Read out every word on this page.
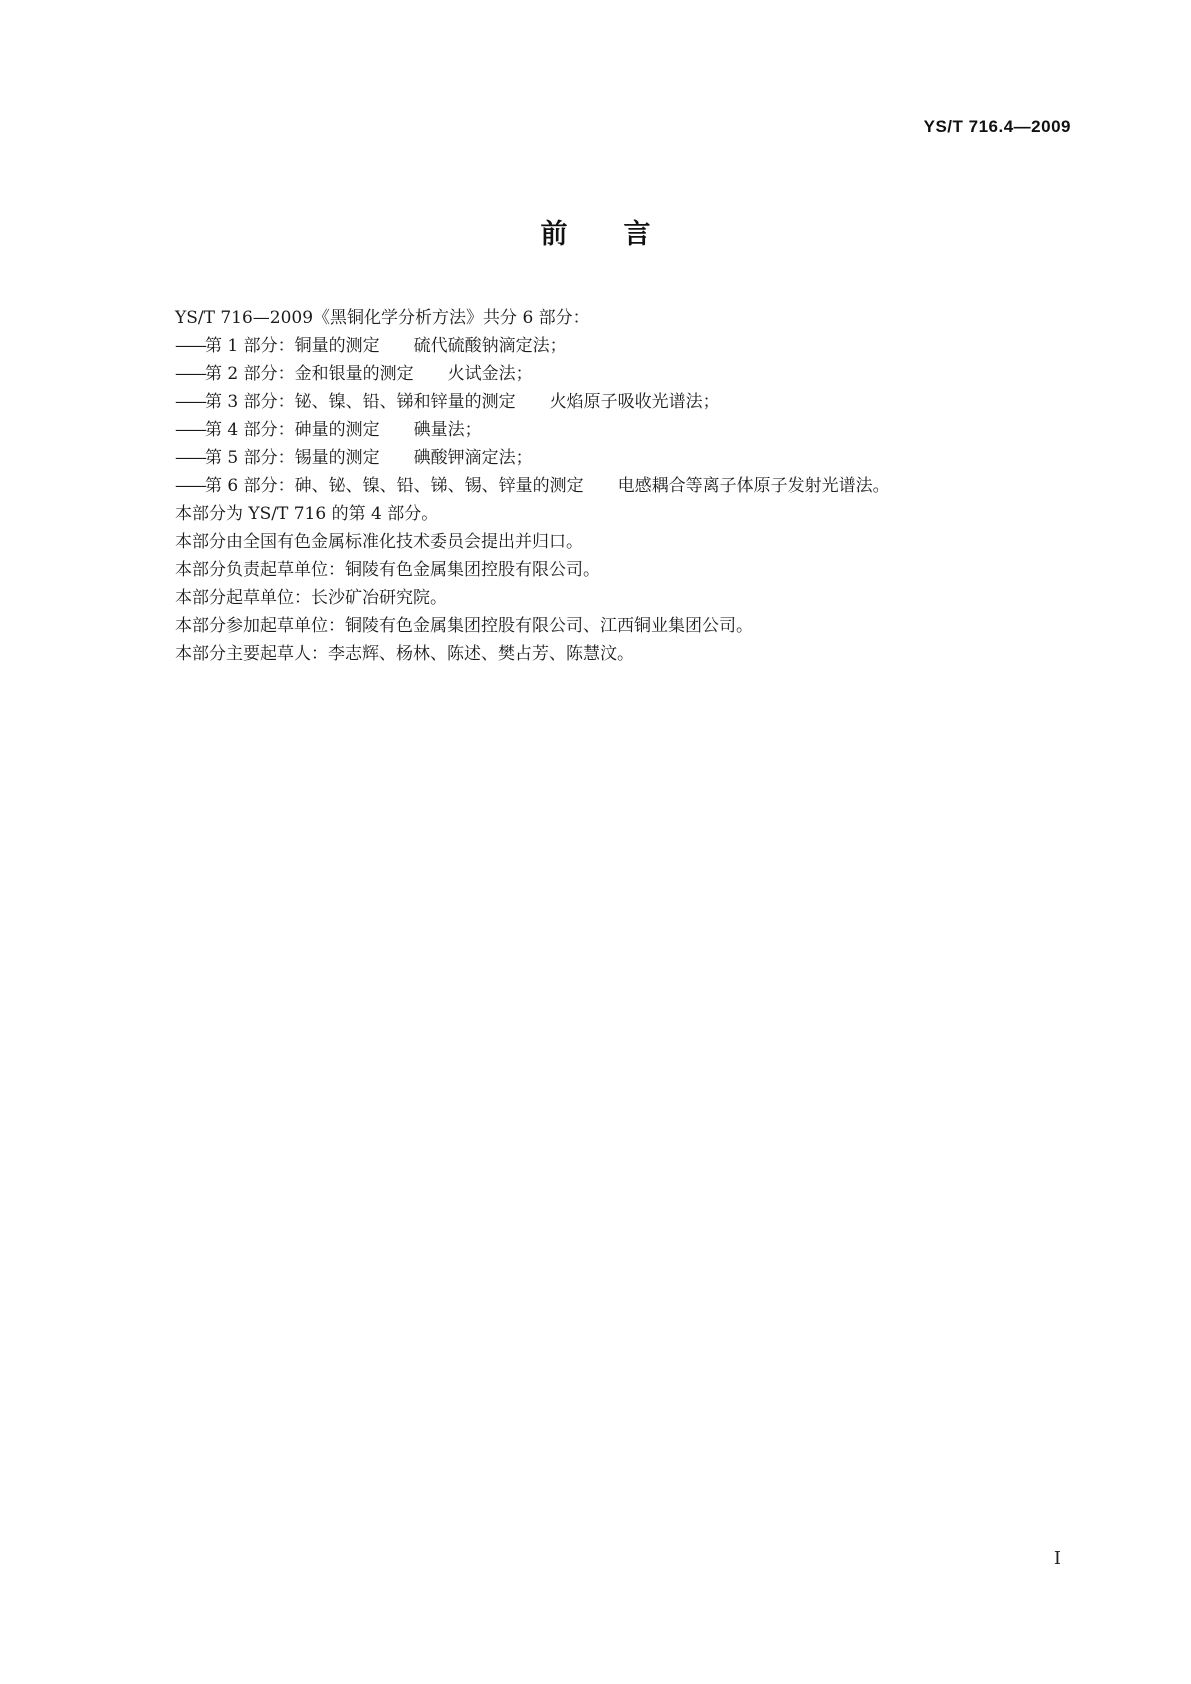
YS/T 716.4—2009
前言

YS/T 716—2009《黑铜化学分析方法》共分 6 部分：

——第 1 部分：铜量的测定 硫代硫酸钠滴定法；

——第 2 部分：金和银量的测定 火试金法；

——第 3 部分：铋、镍、铅、锑和锌量的测定 火焰原子吸收光谱法；

——第 4 部分：砷量的测定 碘量法；

——第 5 部分：锡量的测定 碘酸钾滴定法；

——第 6 部分：砷、铋、镍、铅、锑、锡、锌量的测定 电感耦合等离子体原子发射光谱法。

本部分为 YS/T 716 的第 4 部分。

本部分由全国有色金属标准化技术委员会提出并归口。

本部分负责起草单位：铜陵有色金属集团控股有限公司。

本部分起草单位：长沙矿冶研究院。

本部分参加起草单位：铜陵有色金属集团控股有限公司、江西铜业集团公司。

本部分主要起草人：李志辉、杨林、陈述、樊占芳、陈慧汶。

I
